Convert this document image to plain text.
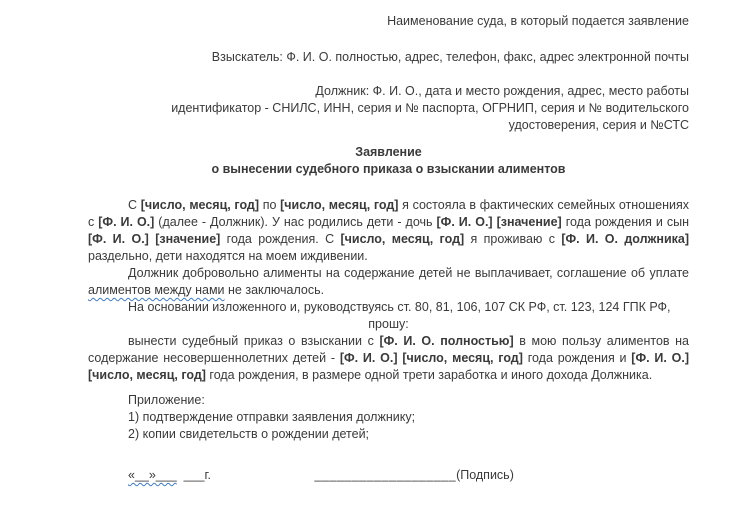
Наименование суда, в который подается заявление

Взыскатель: Ф. И. О. полностью, адрес, телефон, факс, адрес электронной почты

Должник: Ф. И. О., дата и место рождения, адрес, место работы

идентификатор - СНИЛС, ИНН, серия и № паспорта, ОГРНИП, серия и № водительского

удостоверения, серия и №СТС

Заявление

о вынесении судебного приказа о взыскании алиментов

С [число, месяц, год] по [число, месяц, год] я состояла в фактических семейных отношениях с [Ф. И. О.] (далее - Должник). У нас родились дети - дочь [Ф. И. О.] [значение] года рождения и сын [Ф. И. О.] [значение] года рождения. С [число, месяц, год] я проживаю с [Ф. И. О. должника] раздельно, дети находятся на моем иждивении.

Должник добровольно алименты на содержание детей не выплачивает, соглашение об уплате алиментов между нами не заключалось.

На основании изложенного и, руководствуясь ст. 80, 81, 106, 107 СК РФ, ст. 123, 124 ГПК РФ,

прошу:

вынести судебный приказ о взыскании с [Ф. И. О. полностью] в мою пользу алиментов на содержание несовершеннолетних детей - [Ф. И. О.] [число, месяц, год] года рождения и [Ф. И. О.] [число, месяц, год] года рождения, в размере одной трети заработка и иного дохода Должника.

Приложение:

1) подтверждение отправки заявления должнику;

2) копии свидетельств о рождении детей;

«__»___  ___г.	___________________(Подпись)
